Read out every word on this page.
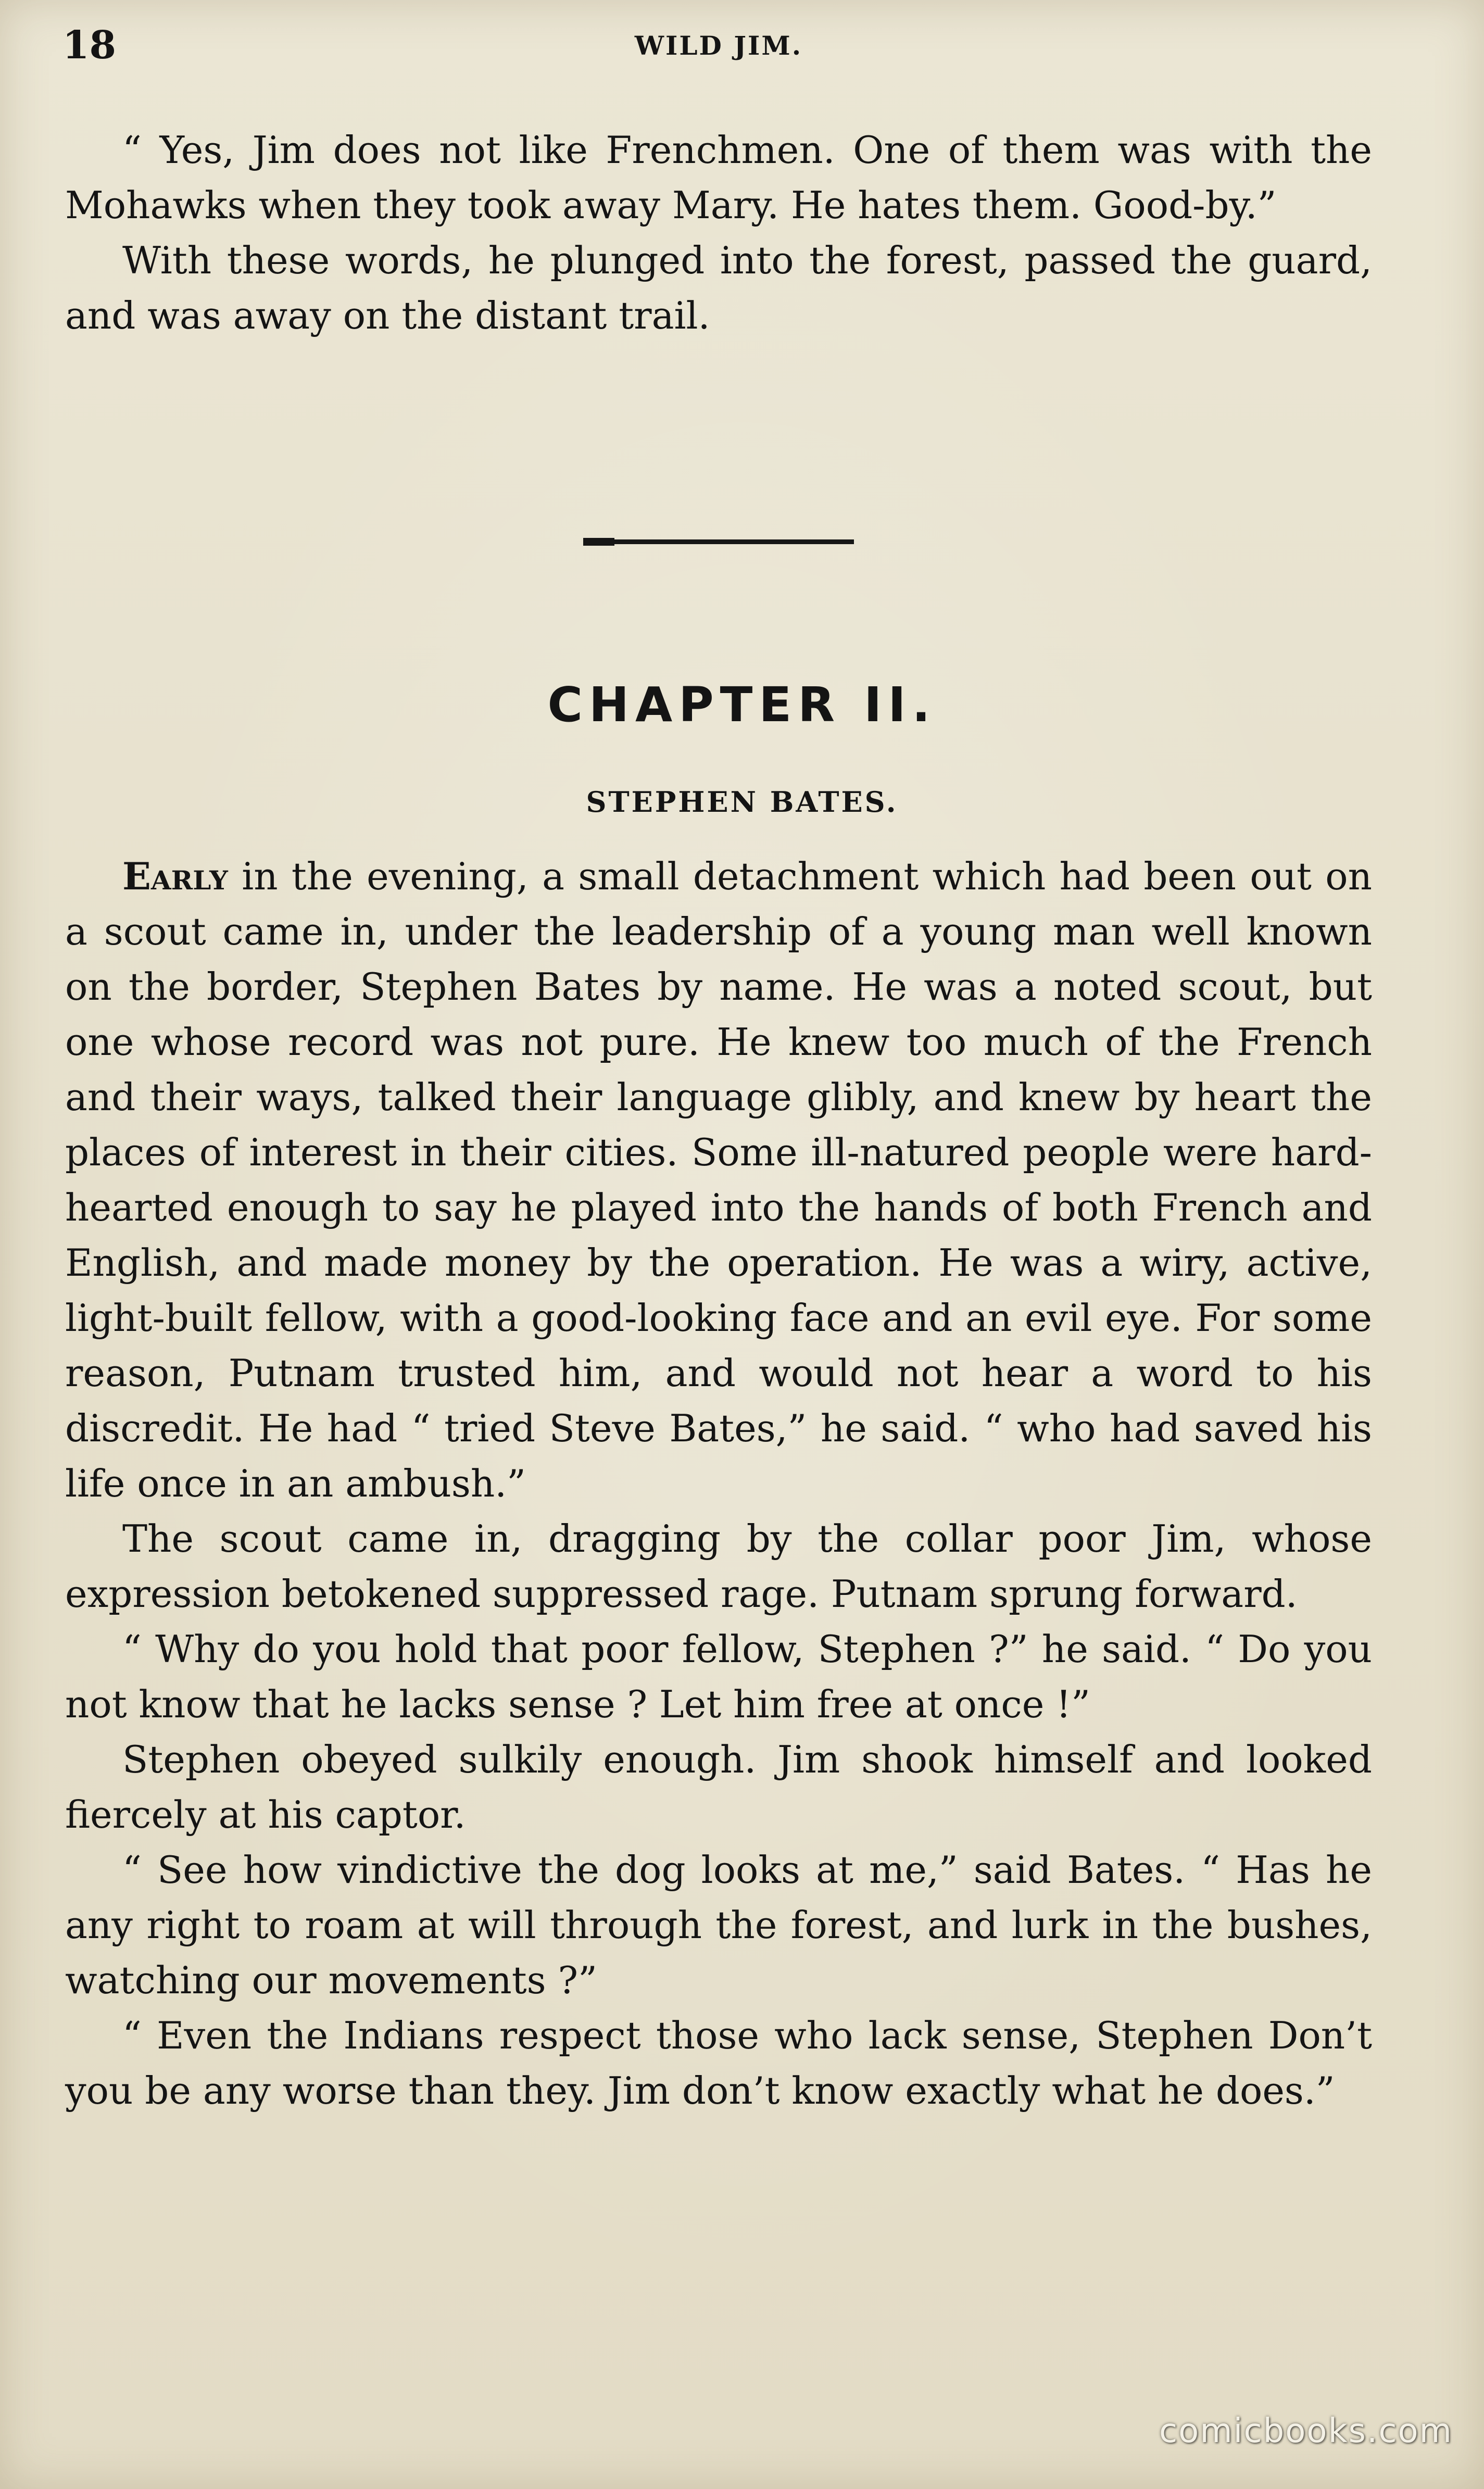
18	WILD JIM.

“ Yes, Jim does not like Frenchmen. One of them was with the Mohawks when they took away Mary. He hates them. Good-by.”

With these words, he plunged into the forest, passed the guard, and was away on the distant trail.

CHAPTER II.
STEPHEN BATES.

Early in the evening, a small detachment which had been out on a scout came in, under the leadership of a young man well known on the border, Stephen Bates by name. He was a noted scout, but one whose record was not pure. He knew too much of the French and their ways, talked their language glibly, and knew by heart the places of interest in their cities. Some ill-natured people were hard-hearted enough to say he played into the hands of both French and English, and made money by the operation. He was a wiry, active, light-built fellow, with a good-looking face and an evil eye. For some reason, Putnam trusted him, and would not hear a word to his discredit. He had “ tried Steve Bates,” he said. “ who had saved his life once in an ambush.”

The scout came in, dragging by the collar poor Jim, whose expression betokened suppressed rage. Putnam sprung forward.

“ Why do you hold that poor fellow, Stephen ?” he said. “ Do you not know that he lacks sense ? Let him free at once !”

Stephen obeyed sulkily enough. Jim shook himself and looked fiercely at his captor.

“ See how vindictive the dog looks at me,” said Bates. “ Has he any right to roam at will through the forest, and lurk in the bushes, watching our movements ?”

“ Even the Indians respect those who lack sense, Stephen Don’t you be any worse than they. Jim don’t know exactly what he does.”

comicbooks.com
